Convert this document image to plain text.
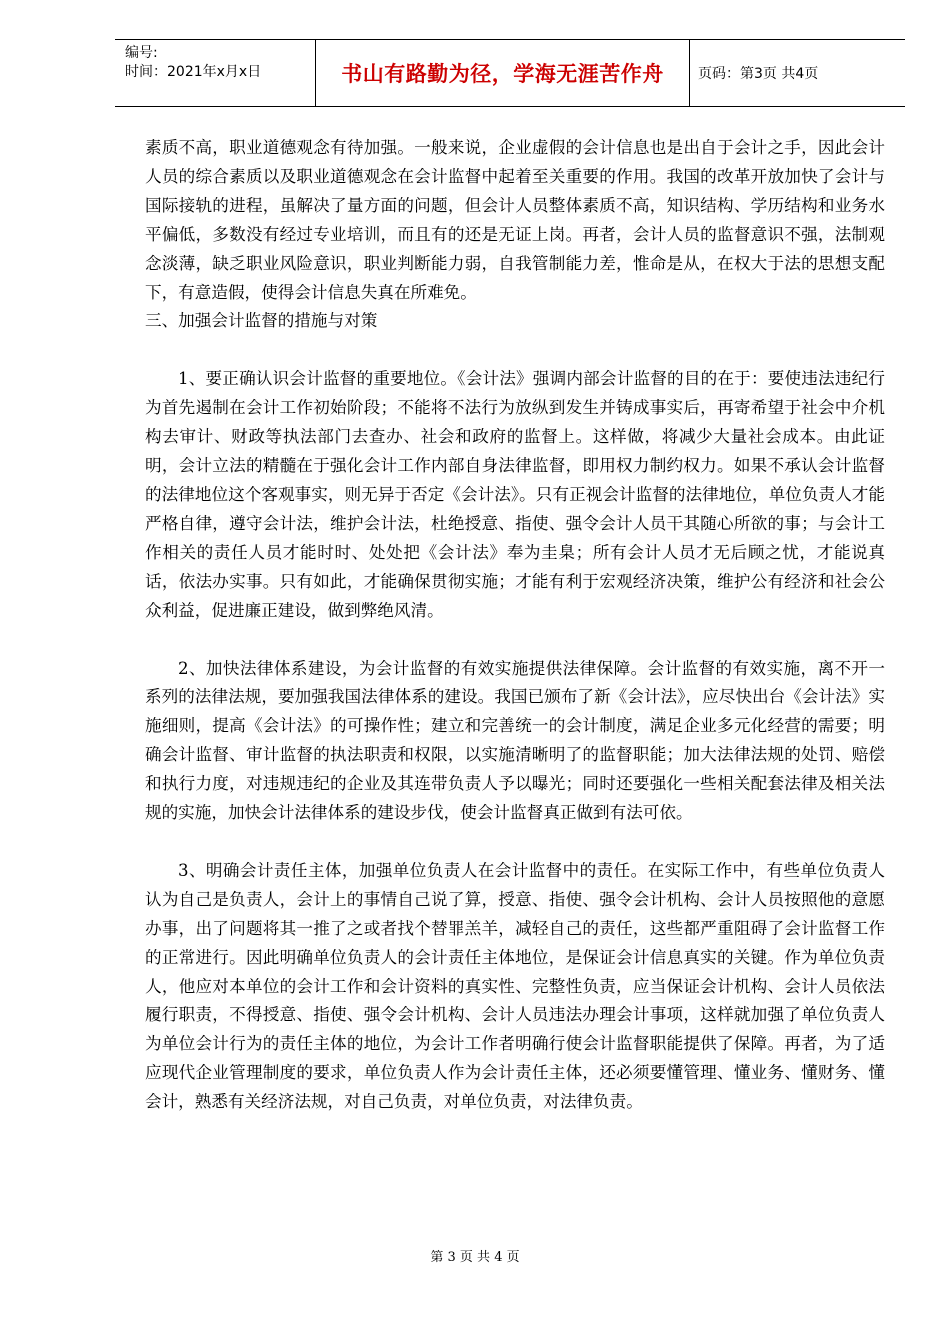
编号:
时间：2021年x月x日	书山有路勤为径，学海无涯苦作舟	页码：第3页 共4页

素质不高，职业道德观念有待加强。一般来说，企业虚假的会计信息也是出自于会计之手，因此会计人员的综合素质以及职业道德观念在会计监督中起着至关重要的作用。我国的改革开放加快了会计与国际接轨的进程，虽解决了量方面的问题，但会计人员整体素质不高，知识结构、学历结构和业务水平偏低，多数没有经过专业培训，而且有的还是无证上岗。再者，会计人员的监督意识不强，法制观念淡薄，缺乏职业风险意识，职业判断能力弱，自我管制能力差，惟命是从，在权大于法的思想支配下，有意造假，使得会计信息失真在所难免。

三、加强会计监督的措施与对策

1、要正确认识会计监督的重要地位。《会计法》强调内部会计监督的目的在于：要使违法违纪行为首先遏制在会计工作初始阶段；不能将不法行为放纵到发生并铸成事实后，再寄希望于社会中介机构去审计、财政等执法部门去查办、社会和政府的监督上。这样做，将减少大量社会成本。由此证明，会计立法的精髓在于强化会计工作内部自身法律监督，即用权力制约权力。如果不承认会计监督的法律地位这个客观事实，则无异于否定《会计法》。只有正视会计监督的法律地位，单位负责人才能严格自律，遵守会计法，维护会计法，杜绝授意、指使、强令会计人员干其随心所欲的事；与会计工作相关的责任人员才能时时、处处把《会计法》奉为圭臬；所有会计人员才无后顾之忧，才能说真话，依法办实事。只有如此，才能确保贯彻实施；才能有利于宏观经济决策，维护公有经济和社会公众利益，促进廉正建设，做到弊绝风清。

2、加快法律体系建设，为会计监督的有效实施提供法律保障。会计监督的有效实施，离不开一系列的法律法规，要加强我国法律体系的建设。我国已颁布了新《会计法》，应尽快出台《会计法》实施细则，提高《会计法》的可操作性；建立和完善统一的会计制度，满足企业多元化经营的需要；明确会计监督、审计监督的执法职责和权限，以实施清晰明了的监督职能；加大法律法规的处罚、赔偿和执行力度，对违规违纪的企业及其连带负责人予以曝光；同时还要强化一些相关配套法律及相关法规的实施，加快会计法律体系的建设步伐，使会计监督真正做到有法可依。

3、明确会计责任主体，加强单位负责人在会计监督中的责任。在实际工作中，有些单位负责人认为自己是负责人，会计上的事情自己说了算，授意、指使、强令会计机构、会计人员按照他的意愿办事，出了问题将其一推了之或者找个替罪羔羊，减轻自己的责任，这些都严重阻碍了会计监督工作的正常进行。因此明确单位负责人的会计责任主体地位，是保证会计信息真实的关键。作为单位负责人，他应对本单位的会计工作和会计资料的真实性、完整性负责，应当保证会计机构、会计人员依法履行职责，不得授意、指使、强令会计机构、会计人员违法办理会计事项，这样就加强了单位负责人为单位会计行为的责任主体的地位，为会计工作者明确行使会计监督职能提供了保障。再者，为了适应现代企业管理制度的要求，单位负责人作为会计责任主体，还必须要懂管理、懂业务、懂财务、懂会计，熟悉有关经济法规，对自己负责，对单位负责，对法律负责。

第 3 页 共 4 页
